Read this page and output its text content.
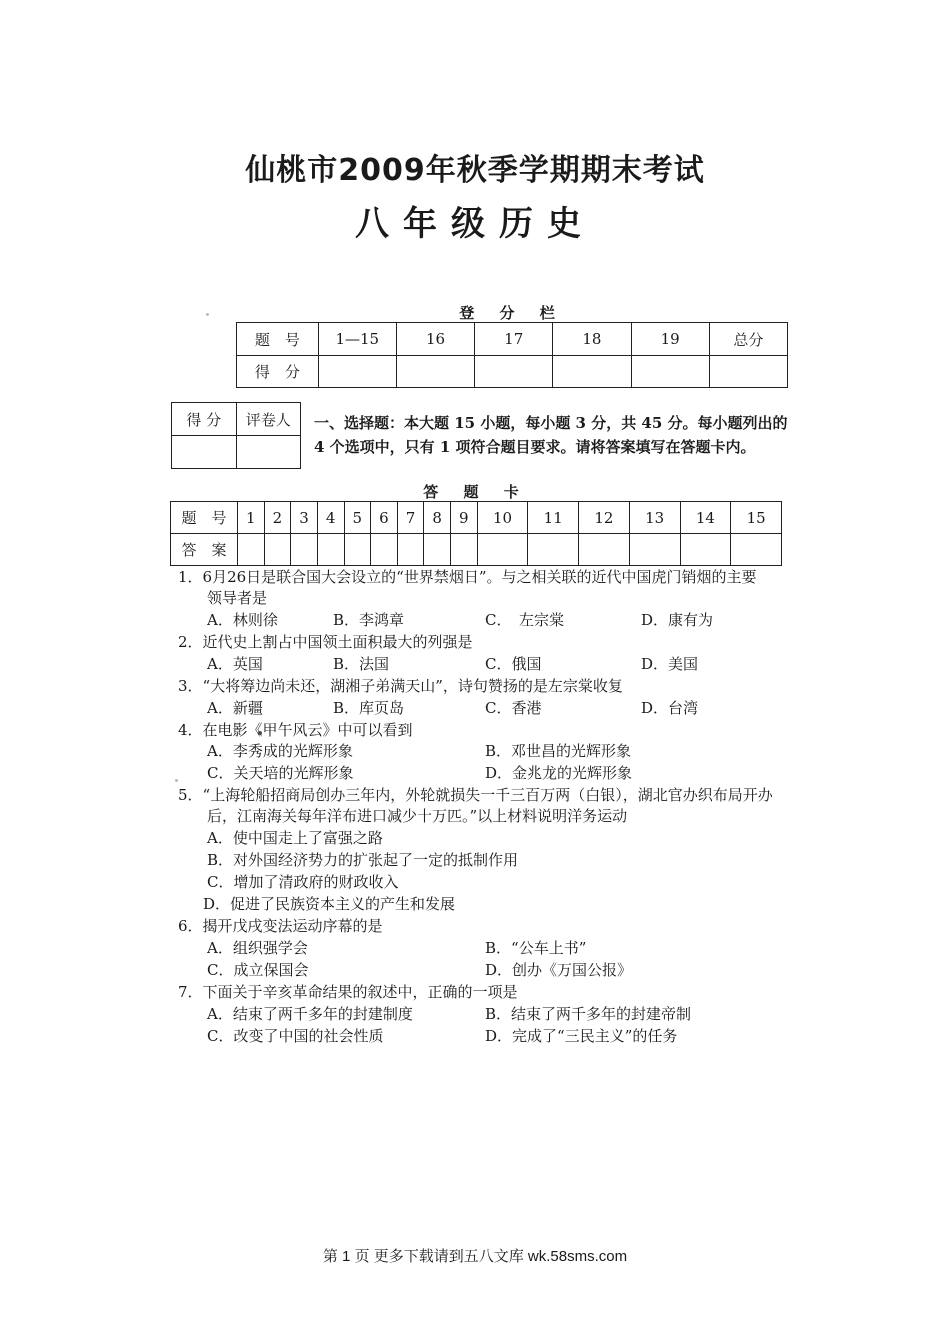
仙桃市2009年秋季学期期末考试
八年级历史
登 分 栏
题　号	1—15	16	17	18	19	总分
得　分						
得 分	评卷人
	一、选择题：本大题 15 小题，每小题 3 分，共 45 分。每小题列出的 4 个选项中，只有 1 项符合题目要求。请将答案填写在答题卡内。
答 题 卡
题　号	1	2	3	4	5	6	7	8	9	10	11	12	13	14	15
答　案															
1．6月26日是联合国大会设立的“世界禁烟日”。与之相关联的近代中国虎门销烟的主要
领导者是
A．林则徐	B．李鸿章	C．　左宗棠	D．康有为
2．近代史上割占中国领土面积最大的列强是
A．英国	B．法国	C．俄国	D．美国
3．“大将筹边尚未还，湖湘子弟满天山”，诗句赞扬的是左宗棠收复
A．新疆	B．库页岛	C．香港	D．台湾
4．在电影《甲午风云》中可以看到
A．李秀成的光辉形象	B．邓世昌的光辉形象
C．关天培的光辉形象	D．金兆龙的光辉形象
5．“上海轮船招商局创办三年内，外轮就损失一千三百万两（白银），湖北官办织布局开办
后，江南海关每年洋布进口减少十万匹。”以上材料说明洋务运动
A．使中国走上了富强之路
B．对外国经济势力的扩张起了一定的抵制作用
C．增加了清政府的财政收入
D．促进了民族资本主义的产生和发展
6．揭开戊戌变法运动序幕的是
A．组织强学会	B．“公车上书”
C．成立保国会	D．创办《万国公报》
7．下面关于辛亥革命结果的叙述中，正确的一项是
A．结束了两千多年的封建制度	B．结束了两千多年的封建帝制
C．改变了中国的社会性质	D．完成了“三民主义”的任务
第 1 页 更多下载请到五八文库 wk.58sms.com
